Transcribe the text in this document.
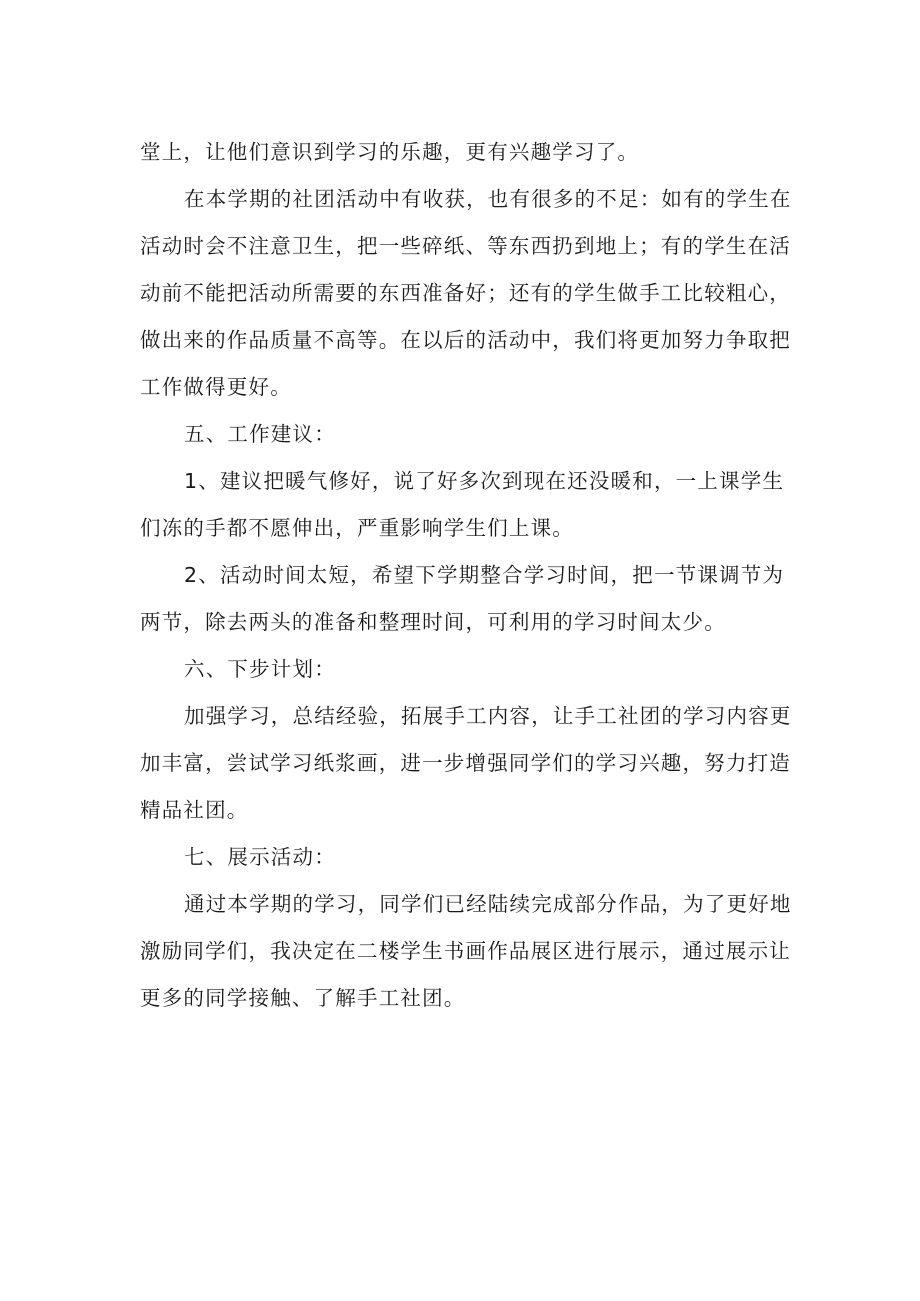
堂上，让他们意识到学习的乐趣，更有兴趣学习了。

在本学期的社团活动中有收获，也有很多的不足：如有的学生在

活动时会不注意卫生，把一些碎纸、等东西扔到地上；有的学生在活

动前不能把活动所需要的东西准备好；还有的学生做手工比较粗心，

做出来的作品质量不高等。在以后的活动中，我们将更加努力争取把

工作做得更好。

五、工作建议：

1、建议把暖气修好，说了好多次到现在还没暖和，一上课学生

们冻的手都不愿伸出，严重影响学生们上课。

2、活动时间太短，希望下学期整合学习时间，把一节课调节为

两节，除去两头的准备和整理时间，可利用的学习时间太少。

六、下步计划：

加强学习，总结经验，拓展手工内容，让手工社团的学习内容更

加丰富，尝试学习纸浆画，进一步增强同学们的学习兴趣，努力打造

精品社团。

七、展示活动：

通过本学期的学习，同学们已经陆续完成部分作品，为了更好地

激励同学们，我决定在二楼学生书画作品展区进行展示，通过展示让

更多的同学接触、了解手工社团。
